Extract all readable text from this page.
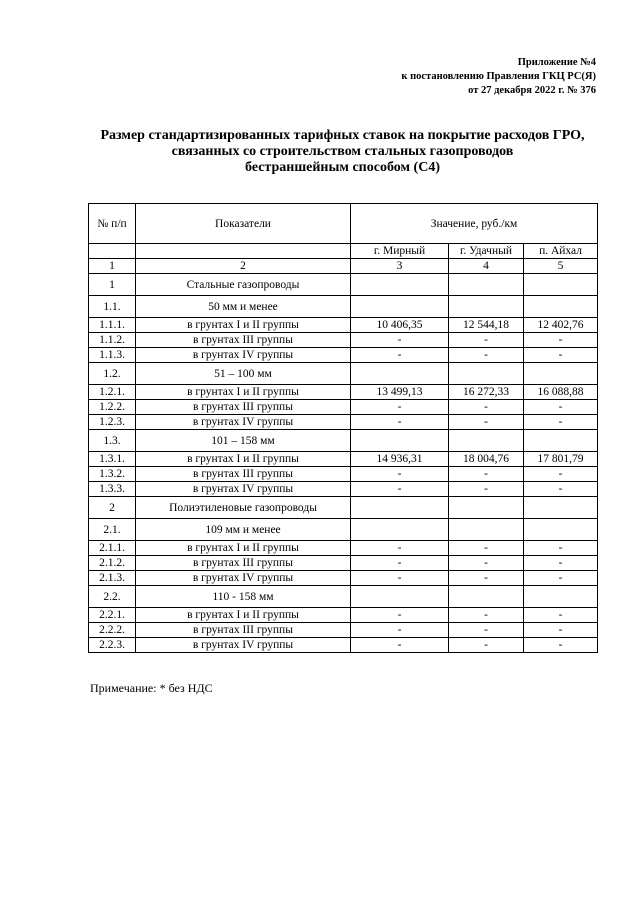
Приложение №4
к постановлению Правления ГКЦ РС(Я)
от 27 декабря 2022 г. № 376
Размер стандартизированных тарифных ставок на покрытие расходов ГРО,
связанных со строительством стальных газопроводов
бестраншейным способом (С4)
№ п/п	Показатели	Значение, руб./км		
		г. Мирный	г. Удачный	п. Айхал
1	2	3	4	5
1	Стальные газопроводы			
1.1.	50 мм и менее			
1.1.1.	в грунтах I и II группы	10 406,35	12 544,18	12 402,76
1.1.2.	в грунтах III группы	-	-	-
1.1.3.	в грунтах IV группы	-	-	-
1.2.	51 – 100 мм			
1.2.1.	в грунтах I и II группы	13 499,13	16 272,33	16 088,88
1.2.2.	в грунтах III группы	-	-	-
1.2.3.	в грунтах IV группы	-	-	-
1.3.	101 – 158 мм			
1.3.1.	в грунтах I и II группы	14 936,31	18 004,76	17 801,79
1.3.2.	в грунтах III группы	-	-	-
1.3.3.	в грунтах IV группы	-	-	-
2	Полиэтиленовые газопроводы			
2.1.	109 мм и менее			
2.1.1.	в грунтах I и II группы	-	-	-
2.1.2.	в грунтах III группы	-	-	-
2.1.3.	в грунтах IV группы	-	-	-
2.2.	110 - 158 мм			
2.2.1.	в грунтах I и II группы	-	-	-
2.2.2.	в грунтах III группы	-	-	-
2.2.3.	в грунтах IV группы	-	-	-
Примечание: * без НДС
